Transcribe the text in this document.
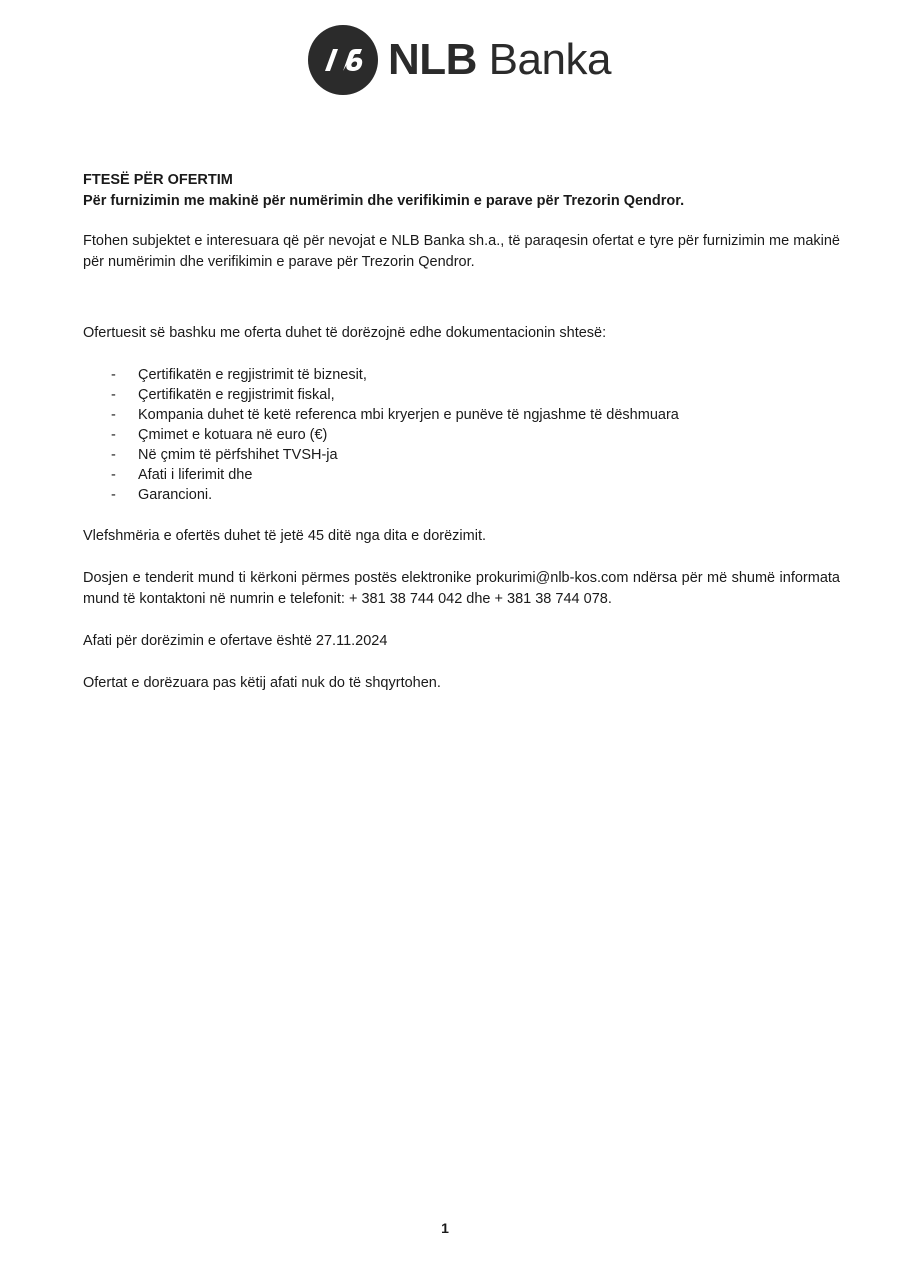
NLB Banka

FTESË PËR OFERTIM

Për furnizimin me makinë për numërimin dhe verifikimin e parave për Trezorin Qendror.

Ftohen subjektet e interesuara që për nevojat e NLB Banka sh.a., të paraqesin ofertat e tyre për furnizimin me makinë për numërimin dhe verifikimin e parave për Trezorin Qendror.

Ofertuesit së bashku me oferta duhet të dorëzojnë edhe dokumentacionin shtesë:

- Çertifikatën e regjistrimit të biznesit,
- Çertifikatën e regjistrimit fiskal,
- Kompania duhet të ketë referenca mbi kryerjen e punëve të ngjashme të dëshmuara
- Çmimet e kotuara në euro (€)
- Në çmim të përfshihet TVSH-ja
- Afati i liferimit dhe
- Garancioni.

Vlefshmëria e ofertës duhet të jetë 45 ditë nga dita e dorëzimit.

Dosjen e tenderit mund ti kërkoni përmes postës elektronike prokurimi@nlb-kos.com ndërsa për më shumë informata mund të kontaktoni në numrin e telefonit: + 381 38 744 042 dhe + 381 38 744 078.

Afati për dorëzimin e ofertave është 27.11.2024

Ofertat e dorëzuara pas këtij afati nuk do të shqyrtohen.

1
